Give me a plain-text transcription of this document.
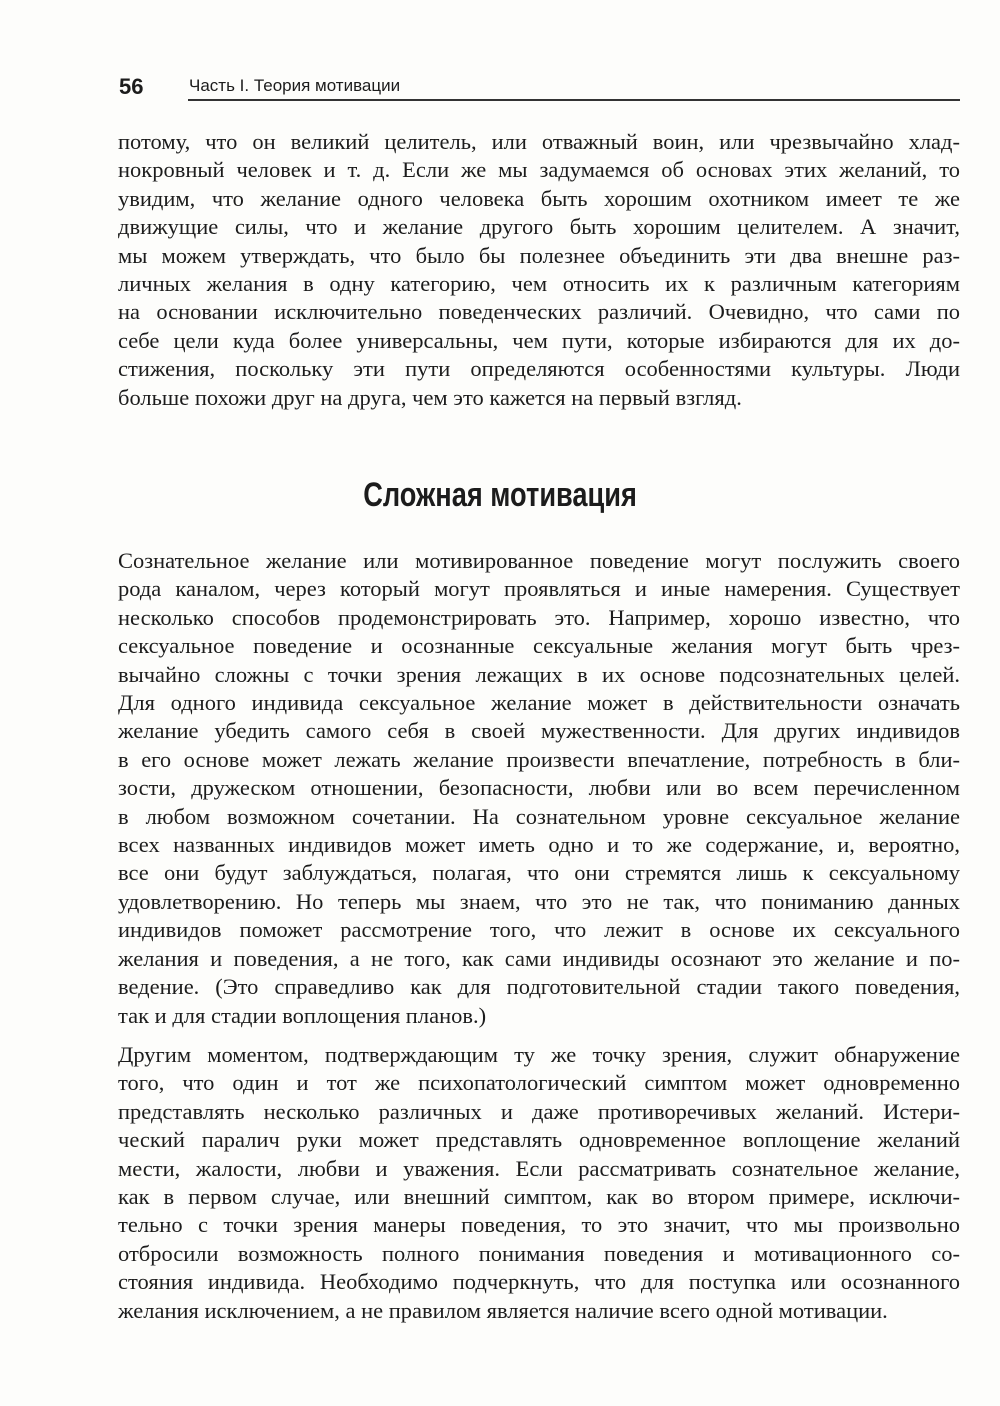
56	Часть I. Теория мотивации
потому, что он великий целитель, или отважный воин, или чрезвычайно хлад-
нокровный человек и т. д. Если же мы задумаемся об основах этих желаний, то
увидим, что желание одного человека быть хорошим охотником имеет те же
движущие силы, что и желание другого быть хорошим целителем. А значит,
мы можем утверждать, что было бы полезнее объединить эти два внешне раз-
личных желания в одну категорию, чем относить их к различным категориям
на основании исключительно поведенческих различий. Очевидно, что сами по
себе цели куда более универсальны, чем пути, которые избираются для их до-
стижения, поскольку эти пути определяются особенностями культуры. Люди
больше похожи друг на друга, чем это кажется на первый взгляд.
Сложная мотивация
Сознательное желание или мотивированное поведение могут послужить своего
рода каналом, через который могут проявляться и иные намерения. Существует
несколько способов продемонстрировать это. Например, хорошо известно, что
сексуальное поведение и осознанные сексуальные желания могут быть чрез-
вычайно сложны с точки зрения лежащих в их основе подсознательных целей.
Для одного индивида сексуальное желание может в действительности означать
желание убедить самого себя в своей мужественности. Для других индивидов
в его основе может лежать желание произвести впечатление, потребность в бли-
зости, дружеском отношении, безопасности, любви или во всем перечисленном
в любом возможном сочетании. На сознательном уровне сексуальное желание
всех названных индивидов может иметь одно и то же содержание, и, вероятно,
все они будут заблуждаться, полагая, что они стремятся лишь к сексуальному
удовлетворению. Но теперь мы знаем, что это не так, что пониманию данных
индивидов поможет рассмотрение того, что лежит в основе их сексуального
желания и поведения, а не того, как сами индивиды осознают это желание и по-
ведение. (Это справедливо как для подготовительной стадии такого поведения,
так и для стадии воплощения планов.)
Другим моментом, подтверждающим ту же точку зрения, служит обнаружение
того, что один и тот же психопатологический симптом может одновременно
представлять несколько различных и даже противоречивых желаний. Истери-
ческий паралич руки может представлять одновременное воплощение желаний
мести, жалости, любви и уважения. Если рассматривать сознательное желание,
как в первом случае, или внешний симптом, как во втором примере, исключи-
тельно с точки зрения манеры поведения, то это значит, что мы произвольно
отбросили возможность полного понимания поведения и мотивационного со-
стояния индивида. Необходимо подчеркнуть, что для поступка или осознанного
желания исключением, а не правилом является наличие всего одной мотивации.
